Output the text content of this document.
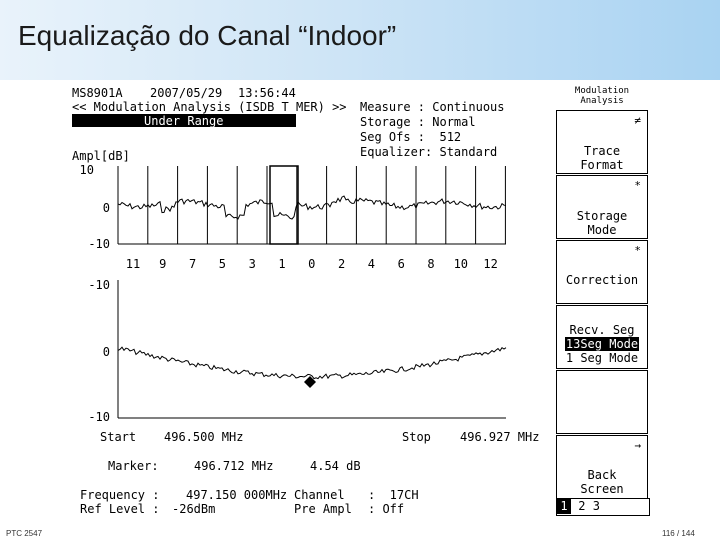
Equalização do Canal “Indoor”
MS8901A 2007/05/29 13:56:44
<< Modulation Analysis (ISDB T MER) >>
Under Range
Measure : Continuous
Storage : Normal
Seg Ofs :  512
Equalizer: Standard
Ampl[dB]
10
0
-10
11 9 7 5 3 1 0 2 4 6 8 10 12
-10
0
-10
Start 496.500 MHz	Stop 496.927 MHz
Marker:	496.712 MHz	4.54 dB
Frequency : 497.150 000MHz Channel :  17CH
Ref Level : -26dBm	Pre Ampl : Off
Modulation
Analysis
≠
Trace
Format
*
Storage
Mode
*
Correction
Recv. Seg
13Seg Mode
1 Seg Mode
→
Back
Screen
1 2 3
PTC 2547	116 / 144
